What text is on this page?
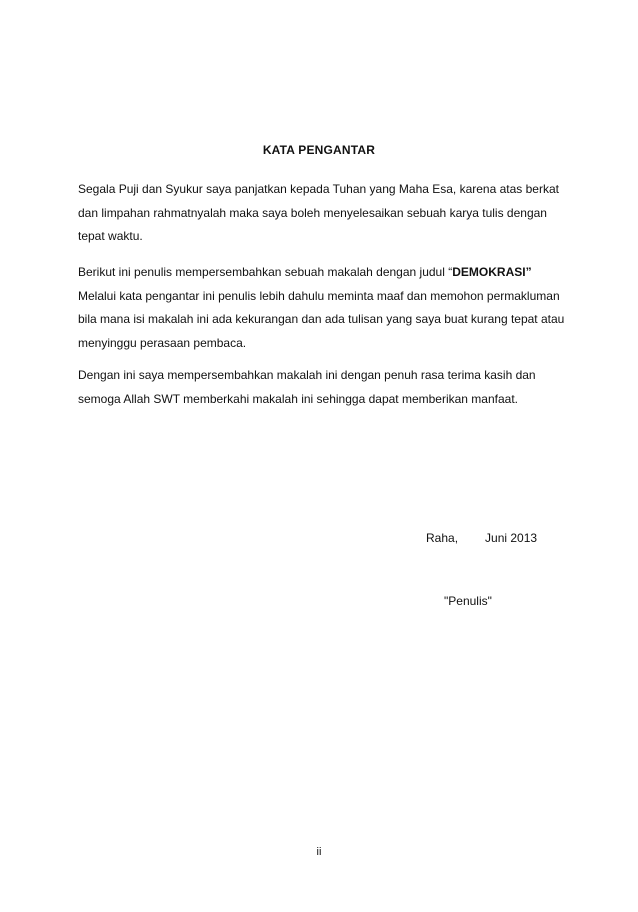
KATA PENGANTAR

Segala Puji dan Syukur saya panjatkan kepada Tuhan yang Maha Esa, karena atas berkat
dan limpahan rahmatnyalah maka saya boleh menyelesaikan sebuah karya tulis dengan
tepat waktu.

Berikut ini penulis mempersembahkan sebuah makalah dengan judul “DEMOKRASI”
Melalui kata pengantar ini penulis lebih dahulu meminta maaf dan memohon permakluman
bila mana isi makalah ini ada kekurangan dan ada tulisan yang saya buat kurang tepat atau
menyinggu perasaan pembaca.

Dengan ini saya mempersembahkan makalah ini dengan penuh rasa terima kasih dan
semoga Allah SWT memberkahi makalah ini sehingga dapat memberikan manfaat.

Raha, Juni 2013
"Penulis"
ii
